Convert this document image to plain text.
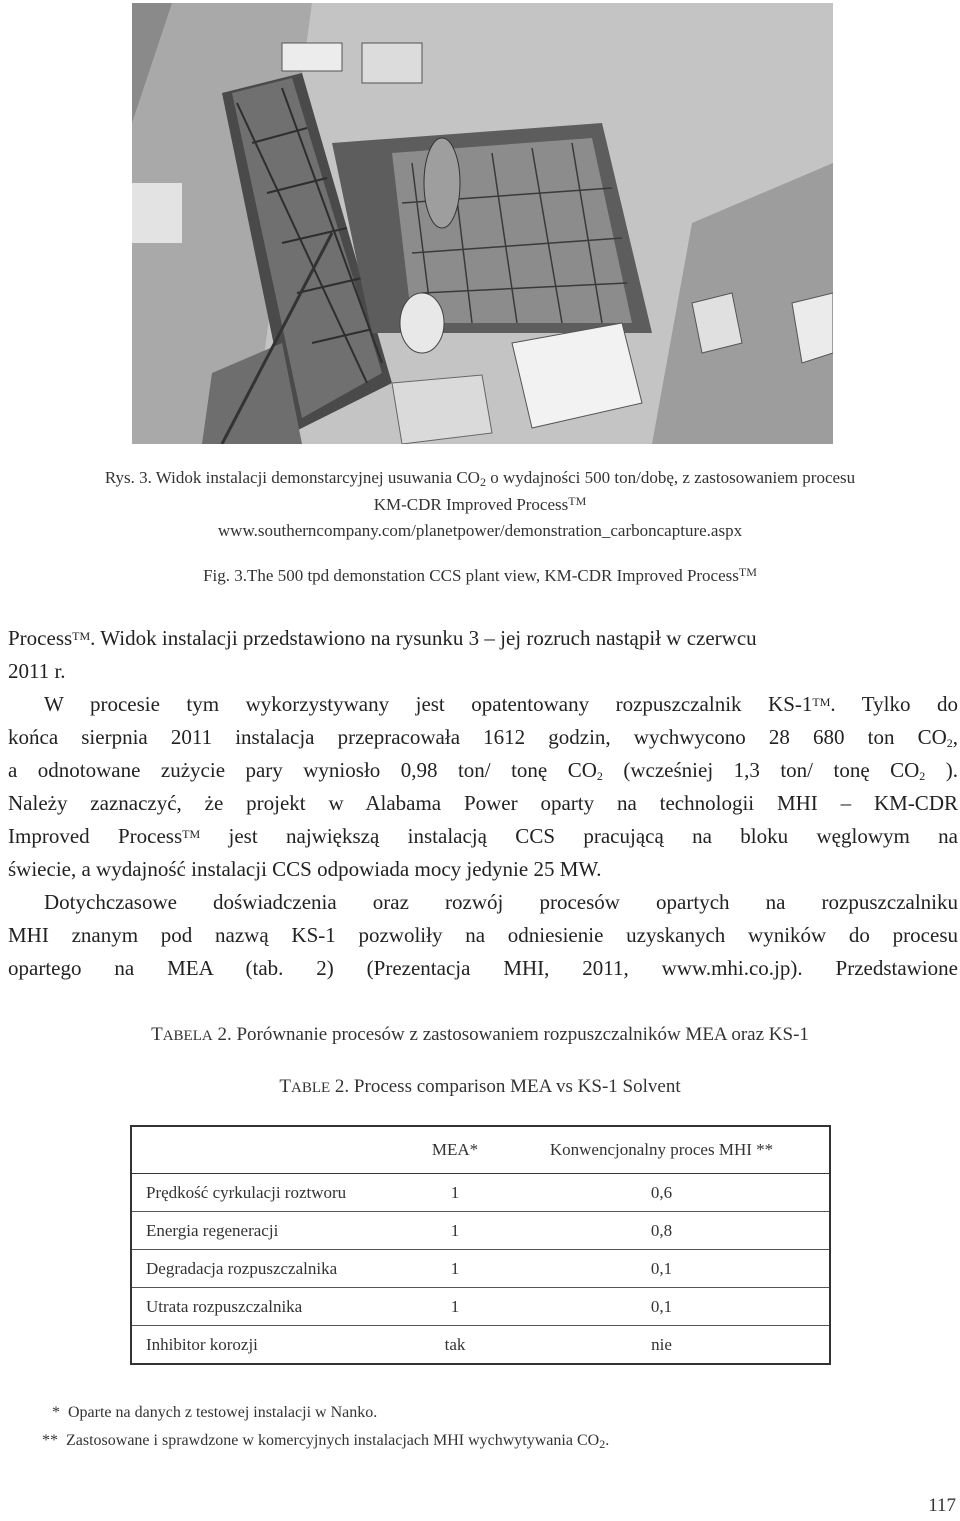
Rys. 3. Widok instalacji demonstarcyjnej usuwania $CO_2$ o wydajności 500 ton/dobę, z zastosowaniem procesu
KM-CDR Improved Process™
www.southerncompany.com/planetpower/demonstration_carboncapture.aspx
Fig. 3.The 500 tpd demonstation CCS plant view, KM-CDR Improved Process™

Process™. Widok instalacji przedstawiono na rysunku 3 – jej rozruch nastąpił w czerwcu
2011 r.

W procesie tym wykorzystywany jest opatentowany rozpuszczalnik KS-1™. Tylko do

końca sierpnia 2011 instalacja przepracowała 1612 godzin, wychwycono 28 680 ton $CO_2$,

a odnotowane zużycie pary wyniosło 0,98 ton/ tonę $CO_2$ (wcześniej 1,3 ton/ tonę $CO_2$ ).

Należy zaznaczyć, że projekt w Alabama Power oparty na technologii MHI – KM-CDR

Improved Process™ jest największą instalacją CCS pracującą na bloku węglowym na

świecie, a wydajność instalacji CCS odpowiada mocy jedynie 25 MW.

Dotychczasowe doświadczenia oraz rozwój procesów opartych na rozpuszczalniku

MHI znanym pod nazwą KS-1 pozwoliły na odniesienie uzyskanych wyników do procesu

opartego na MEA (tab. 2) (Prezentacja MHI, 2011, www.mhi.co.jp). Przedstawione

TABELA 2. Porównanie procesów z zastosowaniem rozpuszczalników MEA oraz KS-1
TABLE 2. Process comparison MEA vs KS-1 Solvent
	MEA*	Konwencjonalny proces MHI **
Prędkość cyrkulacji roztworu	1	0,6
Energia regeneracji	1	0,8
Degradacja rozpuszczalnika	1	0,1
Utrata rozpuszczalnika	1	0,1
Inhibitor korozji	tak	nie
* Oparte na danych z testowej instalacji w Nanko.
** Zastosowane i sprawdzone w komercyjnych instalacjach MHI wychwytywania $CO_2$.
117
